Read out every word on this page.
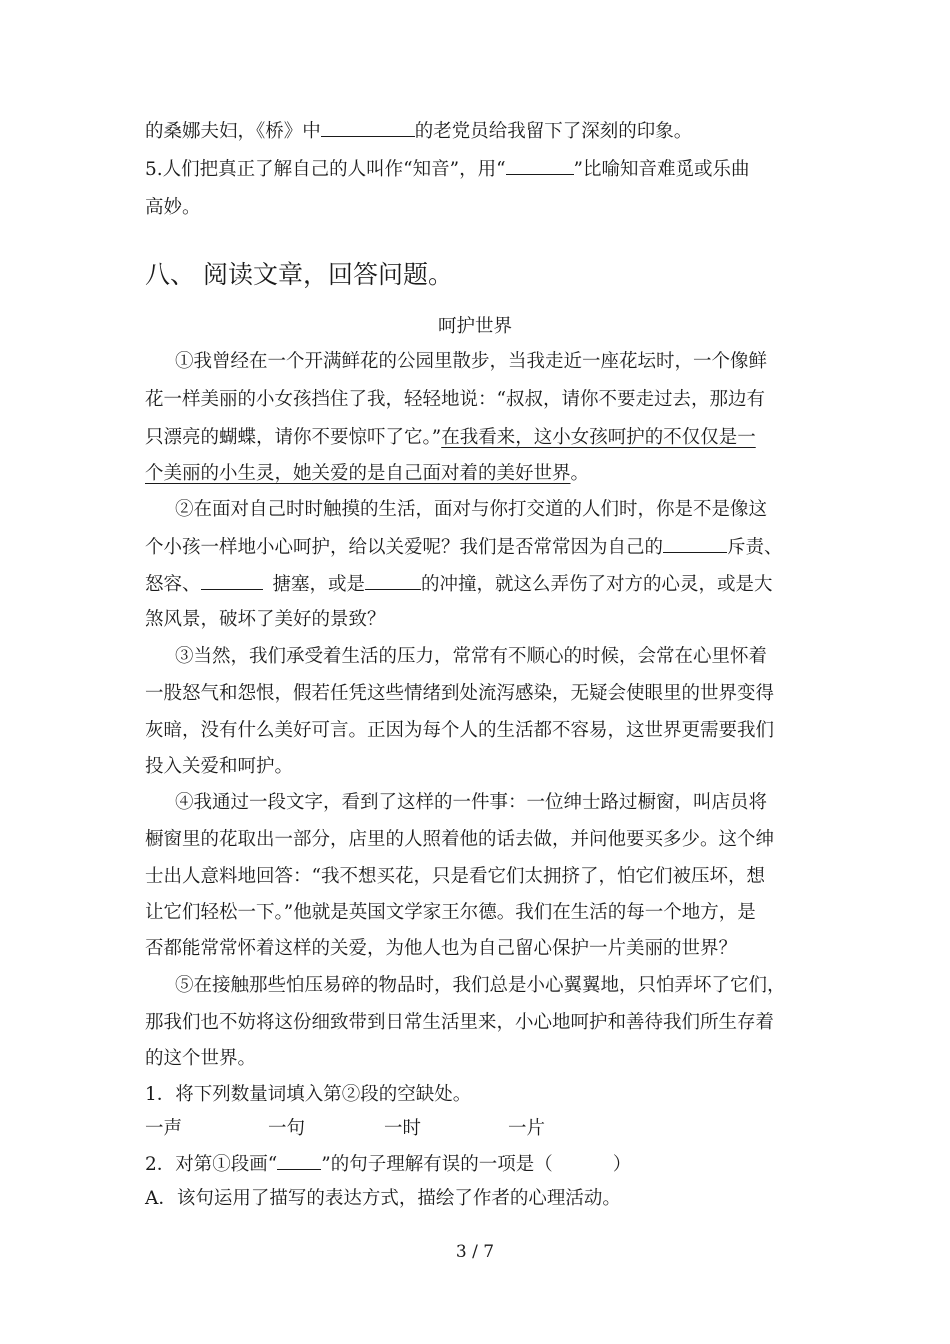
的桑娜夫妇，《桥》中	的老党员给我留下了深刻的印象。
5.人们把真正了解自己的人叫作“知音”，用“	”比喻知音难觅或乐曲
高妙。
八、 阅读文章，回答问题。
呵护世界
①我曾经在一个开满鲜花的公园里散步，当我走近一座花坛时，一个像鲜
花一样美丽的小女孩挡住了我，轻轻地说：“叔叔，请你不要走过去，那边有
只漂亮的蝴蝶，请你不要惊吓了它。”在我看来，这小女孩呵护的不仅仅是一
个美丽的小生灵，她关爱的是自己面对着的美好世界。
②在面对自己时时触摸的生活，面对与你打交道的人们时，你是不是像这
个小孩一样地小心呵护，给以关爱呢？我们是否常常因为自己的	斥责、
怒容、	搪塞，或是	的冲撞，就这么弄伤了对方的心灵，或是大
煞风景，破坏了美好的景致？
③当然，我们承受着生活的压力，常常有不顺心的时候，会常在心里怀着
一股怒气和怨恨，假若任凭这些情绪到处流泻感染，无疑会使眼里的世界变得
灰暗，没有什么美好可言。正因为每个人的生活都不容易，这世界更需要我们
投入关爱和呵护。
④我通过一段文字，看到了这样的一件事：一位绅士路过橱窗，叫店员将
橱窗里的花取出一部分，店里的人照着他的话去做，并问他要买多少。这个绅
士出人意料地回答：“我不想买花，只是看它们太拥挤了，怕它们被压坏，想
让它们轻松一下。”他就是英国文学家王尔德。我们在生活的每一个地方，是
否都能常常怀着这样的关爱，为他人也为自己留心保护一片美丽的世界？
⑤在接触那些怕压易碎的物品时，我们总是小心翼翼地，只怕弄坏了它们，
那我们也不妨将这份细致带到日常生活里来，小心地呵护和善待我们所生存着
的这个世界。
1．将下列数量词填入第②段的空缺处。
一声	一句	一时	一片
2．对第①段画“ ”的句子理解有误的一项是（	）
A．该句运用了描写的表达方式，描绘了作者的心理活动。
3 / 7
